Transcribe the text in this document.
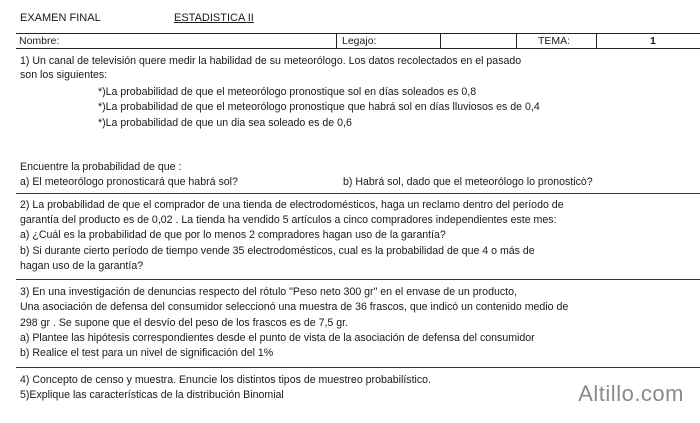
EXAMEN FINAL	ESTADISTICA II
Nombre:	Legajo:	TEMA:	1
1) Un canal de televisión quere medir la habilidad de su meteorólogo. Los datos recolectados en el pasado
son los siguientes:
*)La probabilidad de que el meteorólogo pronostique sol en días soleados es 0,8
*)La probabilidad de que el meteorólogo pronostique que habrá sol en días lluviosos es de 0,4
*)La probabilidad de que un dia sea soleado es de 0,6
Encuentre la probabilidad de que :
a) El meteorólogo pronosticará que habrá sol?	b) Habrá sol, dado que el meteorólogo lo pronosticò?
2) La probabilidad de que el comprador de una tienda de electrodomésticos, haga un reclamo dentro del período de
garantía del producto es de 0,02 . La tienda ha vendido 5 artículos a cinco compradores independientes este mes:
a) ¿Cuál es la probabilidad de que por lo menos 2 compradores hagan uso de la garantía?
b) Si durante cierto período de tiempo vende 35 electrodomésticos, cual es la probabilidad de que 4 o más de
hagan uso de la garantía?
3) En una investigación de denuncias respecto del rótulo "Peso neto 300 gr" en el envase de un producto,
Una asociación de defensa del consumidor seleccionó una muestra de 36 frascos, que indicó un contenido medio de
298 gr . Se supone que el desvío del peso de los frascos es de 7,5 gr.
a) Plantee las hipótesis correspondientes desde el punto de vista de la asociación de defensa del consumidor
b) Realice el test para un nivel de significación del 1%
4) Concepto de censo y muestra. Enuncie los distintos tipos de muestreo probabilístico.
5)Explique las características de la distribución Binomial	Altillo.com
